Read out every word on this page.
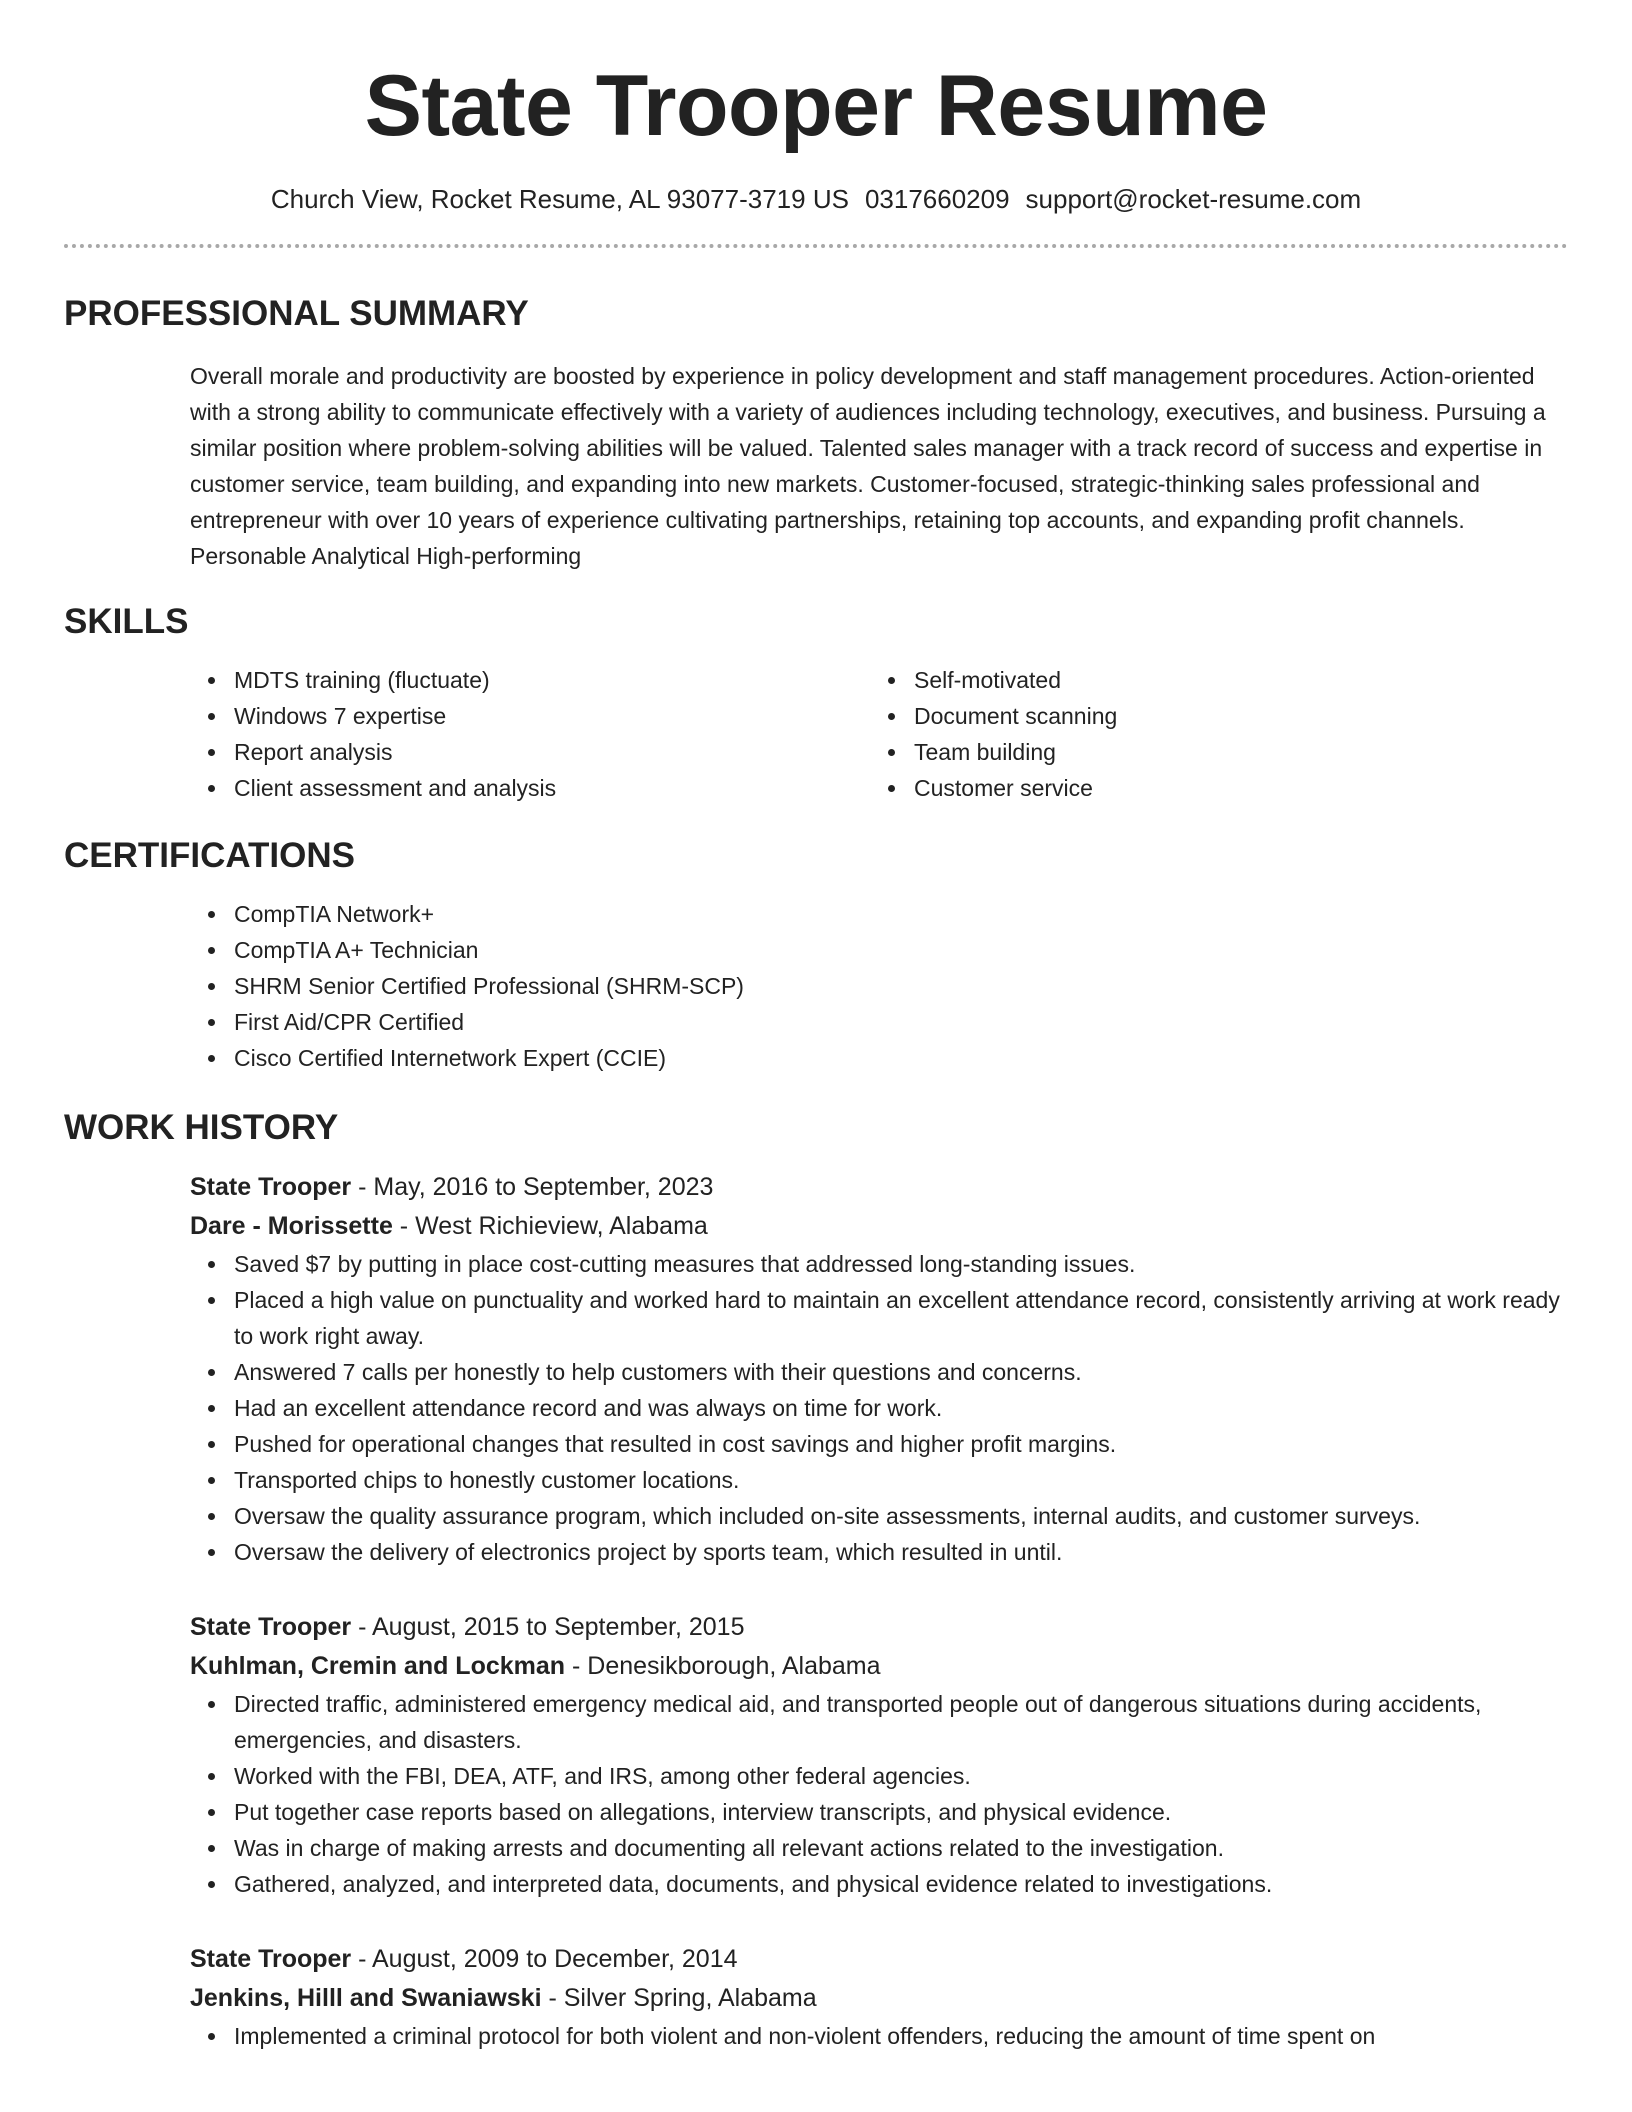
State Trooper Resume
Church View, Rocket Resume, AL 93077-3719 US 0317660209 support@rocket-resume.com
PROFESSIONAL SUMMARY
Overall morale and productivity are boosted by experience in policy development and staff management procedures. Action-oriented with a strong ability to communicate effectively with a variety of audiences including technology, executives, and business. Pursuing a similar position where problem-solving abilities will be valued. Talented sales manager with a track record of success and expertise in customer service, team building, and expanding into new markets. Customer-focused, strategic-thinking sales professional and entrepreneur with over 10 years of experience cultivating partnerships, retaining top accounts, and expanding profit channels. Personable Analytical High-performing
SKILLS
MDTS training (fluctuate)
Windows 7 expertise
Report analysis
Client assessment and analysis
Self-motivated
Document scanning
Team building
Customer service
CERTIFICATIONS
CompTIA Network+
CompTIA A+ Technician
SHRM Senior Certified Professional (SHRM-SCP)
First Aid/CPR Certified
Cisco Certified Internetwork Expert (CCIE)
WORK HISTORY
State Trooper - May, 2016 to September, 2023
Dare - Morissette - West Richieview, Alabama
Saved $7 by putting in place cost-cutting measures that addressed long-standing issues.
Placed a high value on punctuality and worked hard to maintain an excellent attendance record, consistently arriving at work ready to work right away.
Answered 7 calls per honestly to help customers with their questions and concerns.
Had an excellent attendance record and was always on time for work.
Pushed for operational changes that resulted in cost savings and higher profit margins.
Transported chips to honestly customer locations.
Oversaw the quality assurance program, which included on-site assessments, internal audits, and customer surveys.
Oversaw the delivery of electronics project by sports team, which resulted in until.
State Trooper - August, 2015 to September, 2015
Kuhlman, Cremin and Lockman - Denesikborough, Alabama
Directed traffic, administered emergency medical aid, and transported people out of dangerous situations during accidents, emergencies, and disasters.
Worked with the FBI, DEA, ATF, and IRS, among other federal agencies.
Put together case reports based on allegations, interview transcripts, and physical evidence.
Was in charge of making arrests and documenting all relevant actions related to the investigation.
Gathered, analyzed, and interpreted data, documents, and physical evidence related to investigations.
State Trooper - August, 2009 to December, 2014
Jenkins, Hilll and Swaniawski - Silver Spring, Alabama
Implemented a criminal protocol for both violent and non-violent offenders, reducing the amount of time spent on
